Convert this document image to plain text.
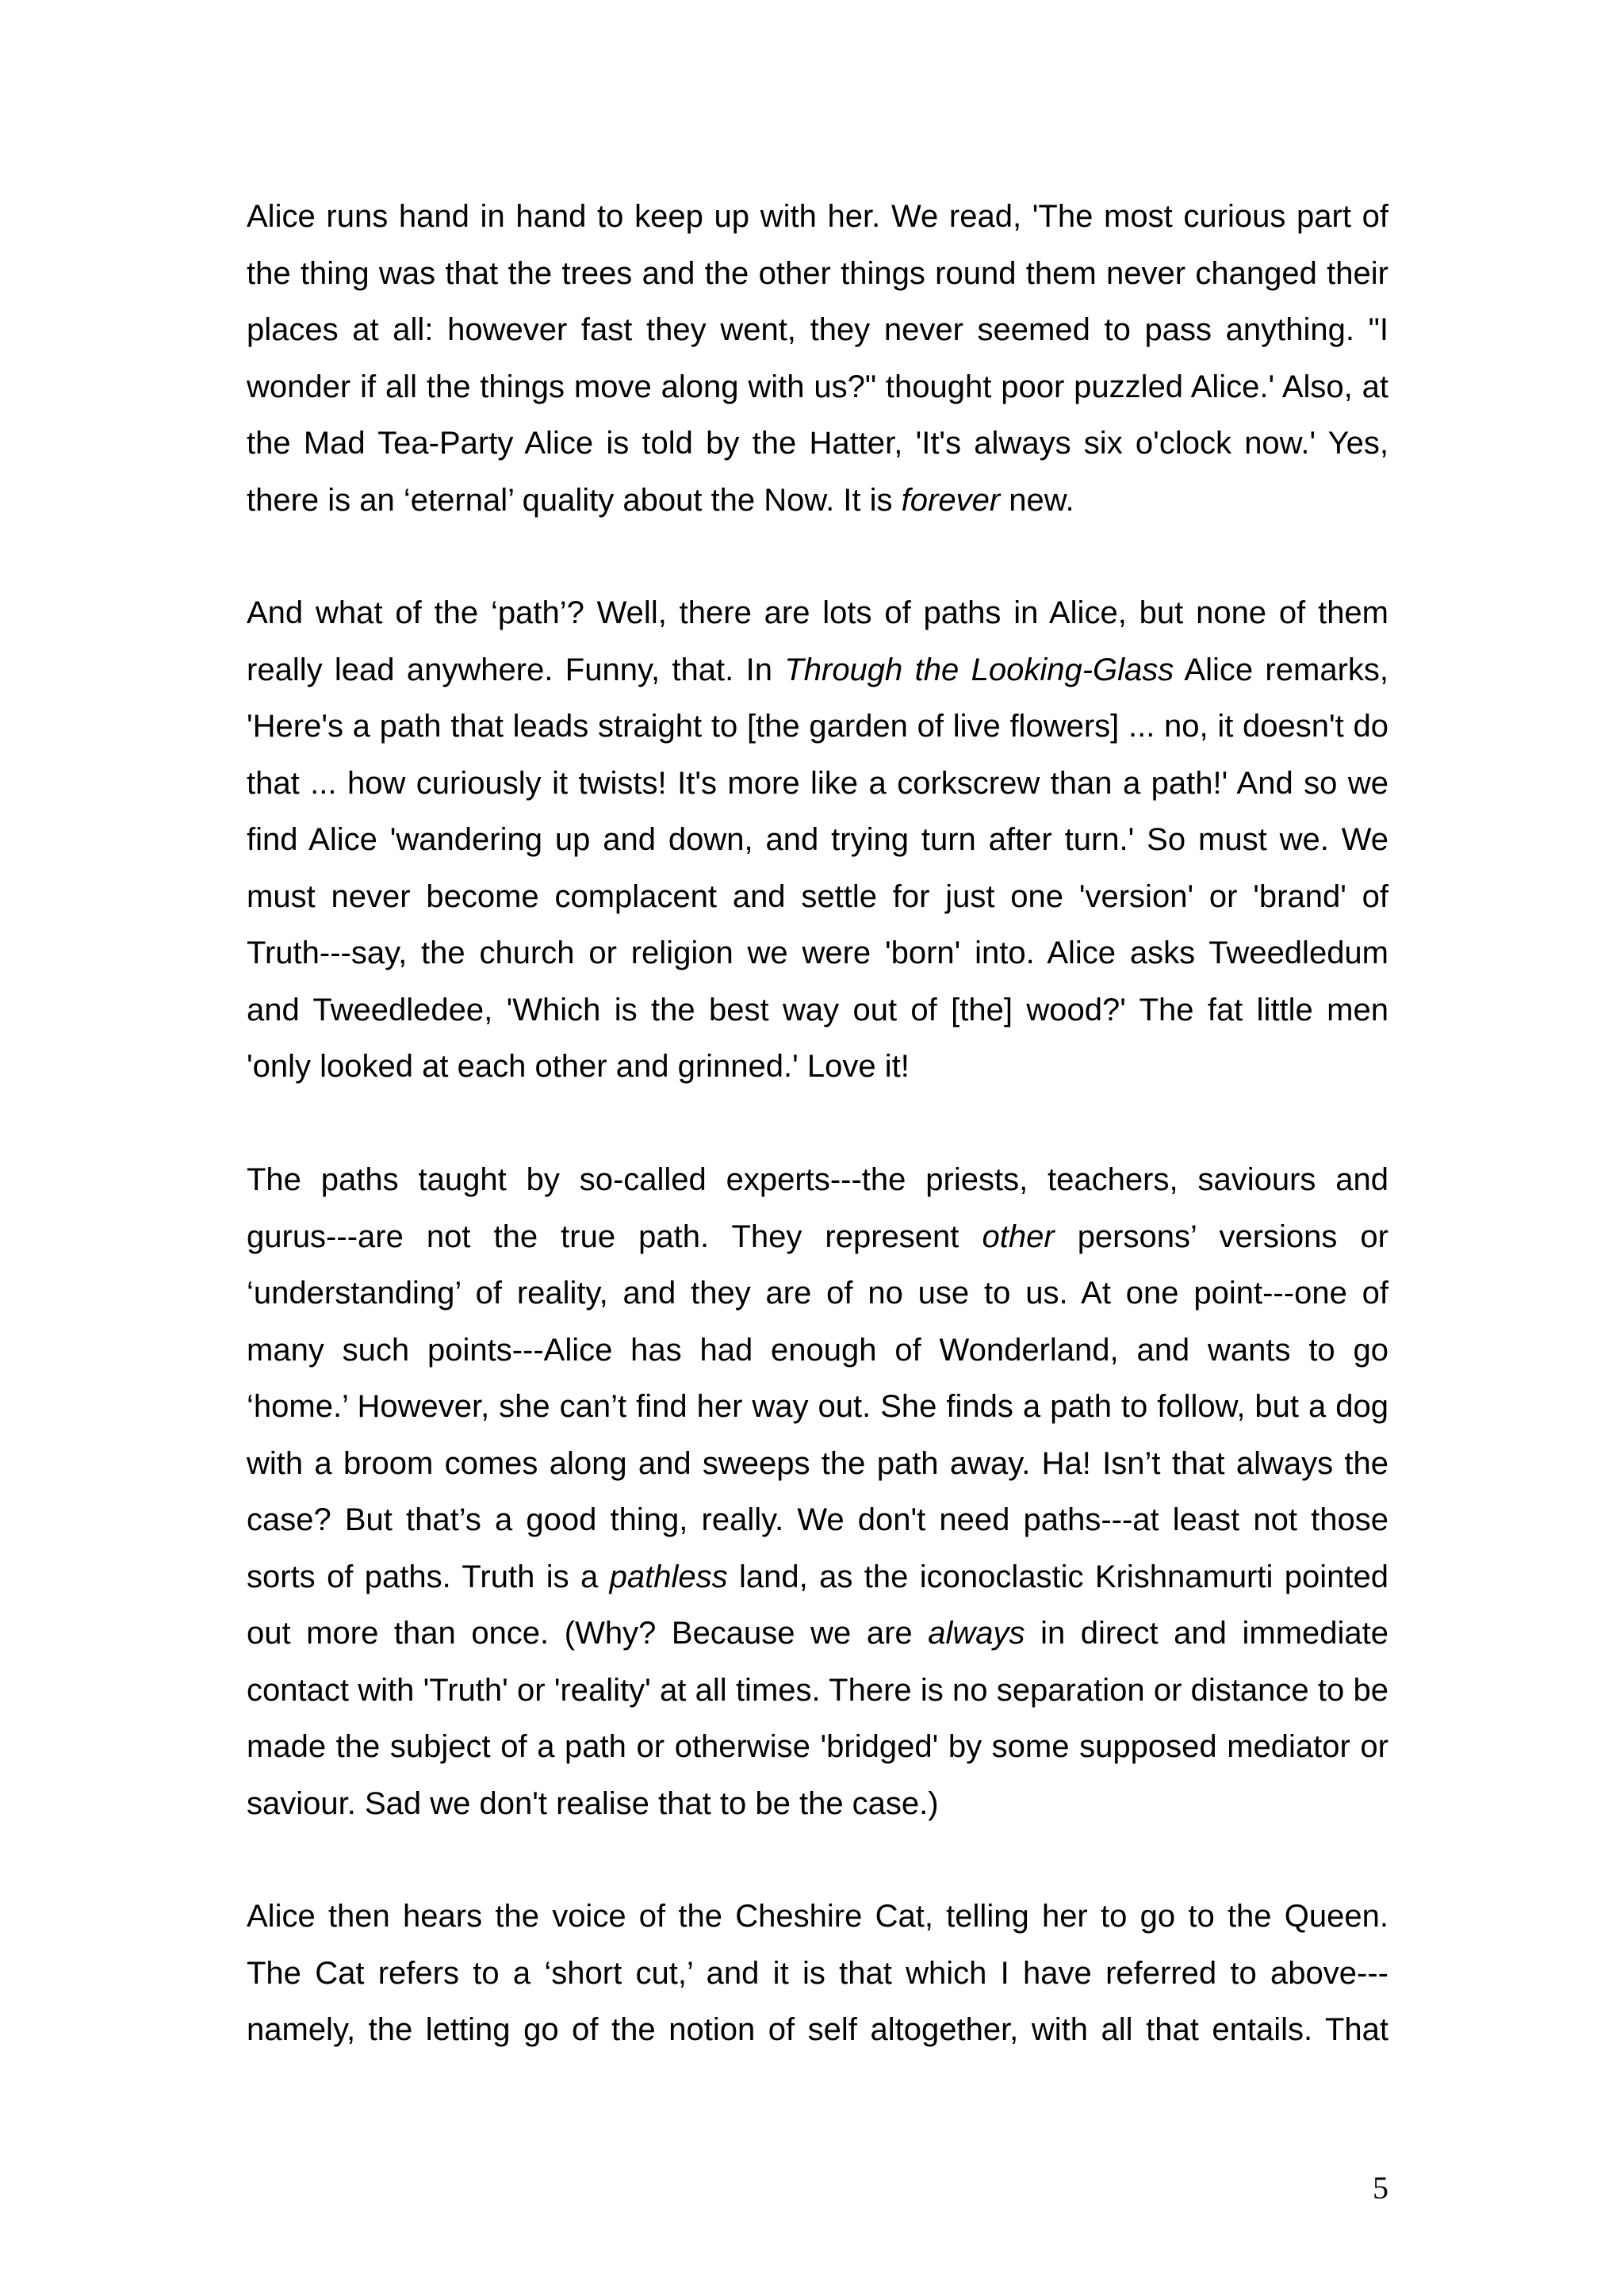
Alice runs hand in hand to keep up with her. We read, 'The most curious part of the thing was that the trees and the other things round them never changed their places at all: however fast they went, they never seemed to pass anything. "I wonder if all the things move along with us?" thought poor puzzled Alice.' Also, at the Mad Tea-Party Alice is told by the Hatter, 'It's always six o'clock now.' Yes, there is an ‘eternal’ quality about the Now. It is forever new.

And what of the ‘path’? Well, there are lots of paths in Alice, but none of them really lead anywhere. Funny, that. In Through the Looking-Glass Alice remarks, 'Here's a path that leads straight to [the garden of live flowers] ... no, it doesn't do that ... how curiously it twists! It's more like a corkscrew than a path!' And so we find Alice 'wandering up and down, and trying turn after turn.' So must we. We must never become complacent and settle for just one 'version' or 'brand' of Truth---say, the church or religion we were 'born' into. Alice asks Tweedledum and Tweedledee, 'Which is the best way out of [the] wood?' The fat little men 'only looked at each other and grinned.' Love it!

The paths taught by so-called experts---the priests, teachers, saviours and gurus---are not the true path. They represent other persons’ versions or ‘understanding’ of reality, and they are of no use to us. At one point---one of many such points---Alice has had enough of Wonderland, and wants to go ‘home.’ However, she can’t find her way out. She finds a path to follow, but a dog with a broom comes along and sweeps the path away. Ha! Isn’t that always the case? But that’s a good thing, really. We don't need paths---at least not those sorts of paths. Truth is a pathless land, as the iconoclastic Krishnamurti pointed out more than once. (Why? Because we are always in direct and immediate contact with 'Truth' or 'reality' at all times. There is no separation or distance to be made the subject of a path or otherwise 'bridged' by some supposed mediator or saviour. Sad we don't realise that to be the case.)

Alice then hears the voice of the Cheshire Cat, telling her to go to the Queen. The Cat refers to a ‘short cut,’ and it is that which I have referred to above---namely, the letting go of the notion of self altogether, with all that entails. That

5
